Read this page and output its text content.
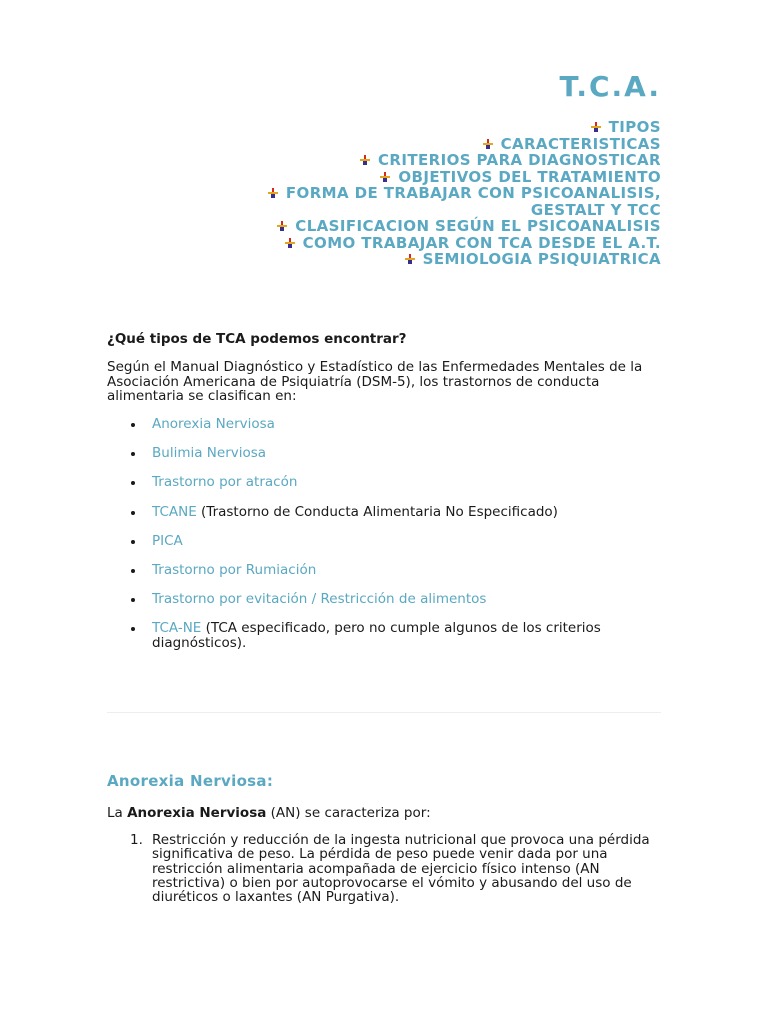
T.C.A.
TIPOS
CARACTERISTICAS
CRITERIOS PARA DIAGNOSTICAR
OBJETIVOS DEL TRATAMIENTO
FORMA DE TRABAJAR CON PSICOANALISIS, GESTALT Y TCC
CLASIFICACION SEGÚN EL PSICOANALISIS
COMO TRABAJAR CON TCA DESDE EL A.T.
SEMIOLOGIA PSIQUIATRICA

¿Qué tipos de TCA podemos encontrar?

Según el Manual Diagnóstico y Estadístico de las Enfermedades Mentales de la Asociación Americana de Psiquiatría (DSM-5), los trastornos de conducta alimentaria se clasifican en:

Anorexia Nerviosa
Bulimia Nerviosa
Trastorno por atracón
TCANE (Trastorno de Conducta Alimentaria No Especificado)
PICA
Trastorno por Rumiación
Trastorno por evitación / Restricción de alimentos
TCA-NE (TCA especificado, pero no cumple algunos de los criterios diagnósticos).
Anorexia Nerviosa:

La Anorexia Nerviosa (AN) se caracteriza por:

1. Restricción y reducción de la ingesta nutricional que provoca una pérdida significativa de peso. La pérdida de peso puede venir dada por una restricción alimentaria acompañada de ejercicio físico intenso (AN restrictiva) o bien por autoprovocarse el vómito y abusando del uso de diuréticos o laxantes (AN Purgativa).
